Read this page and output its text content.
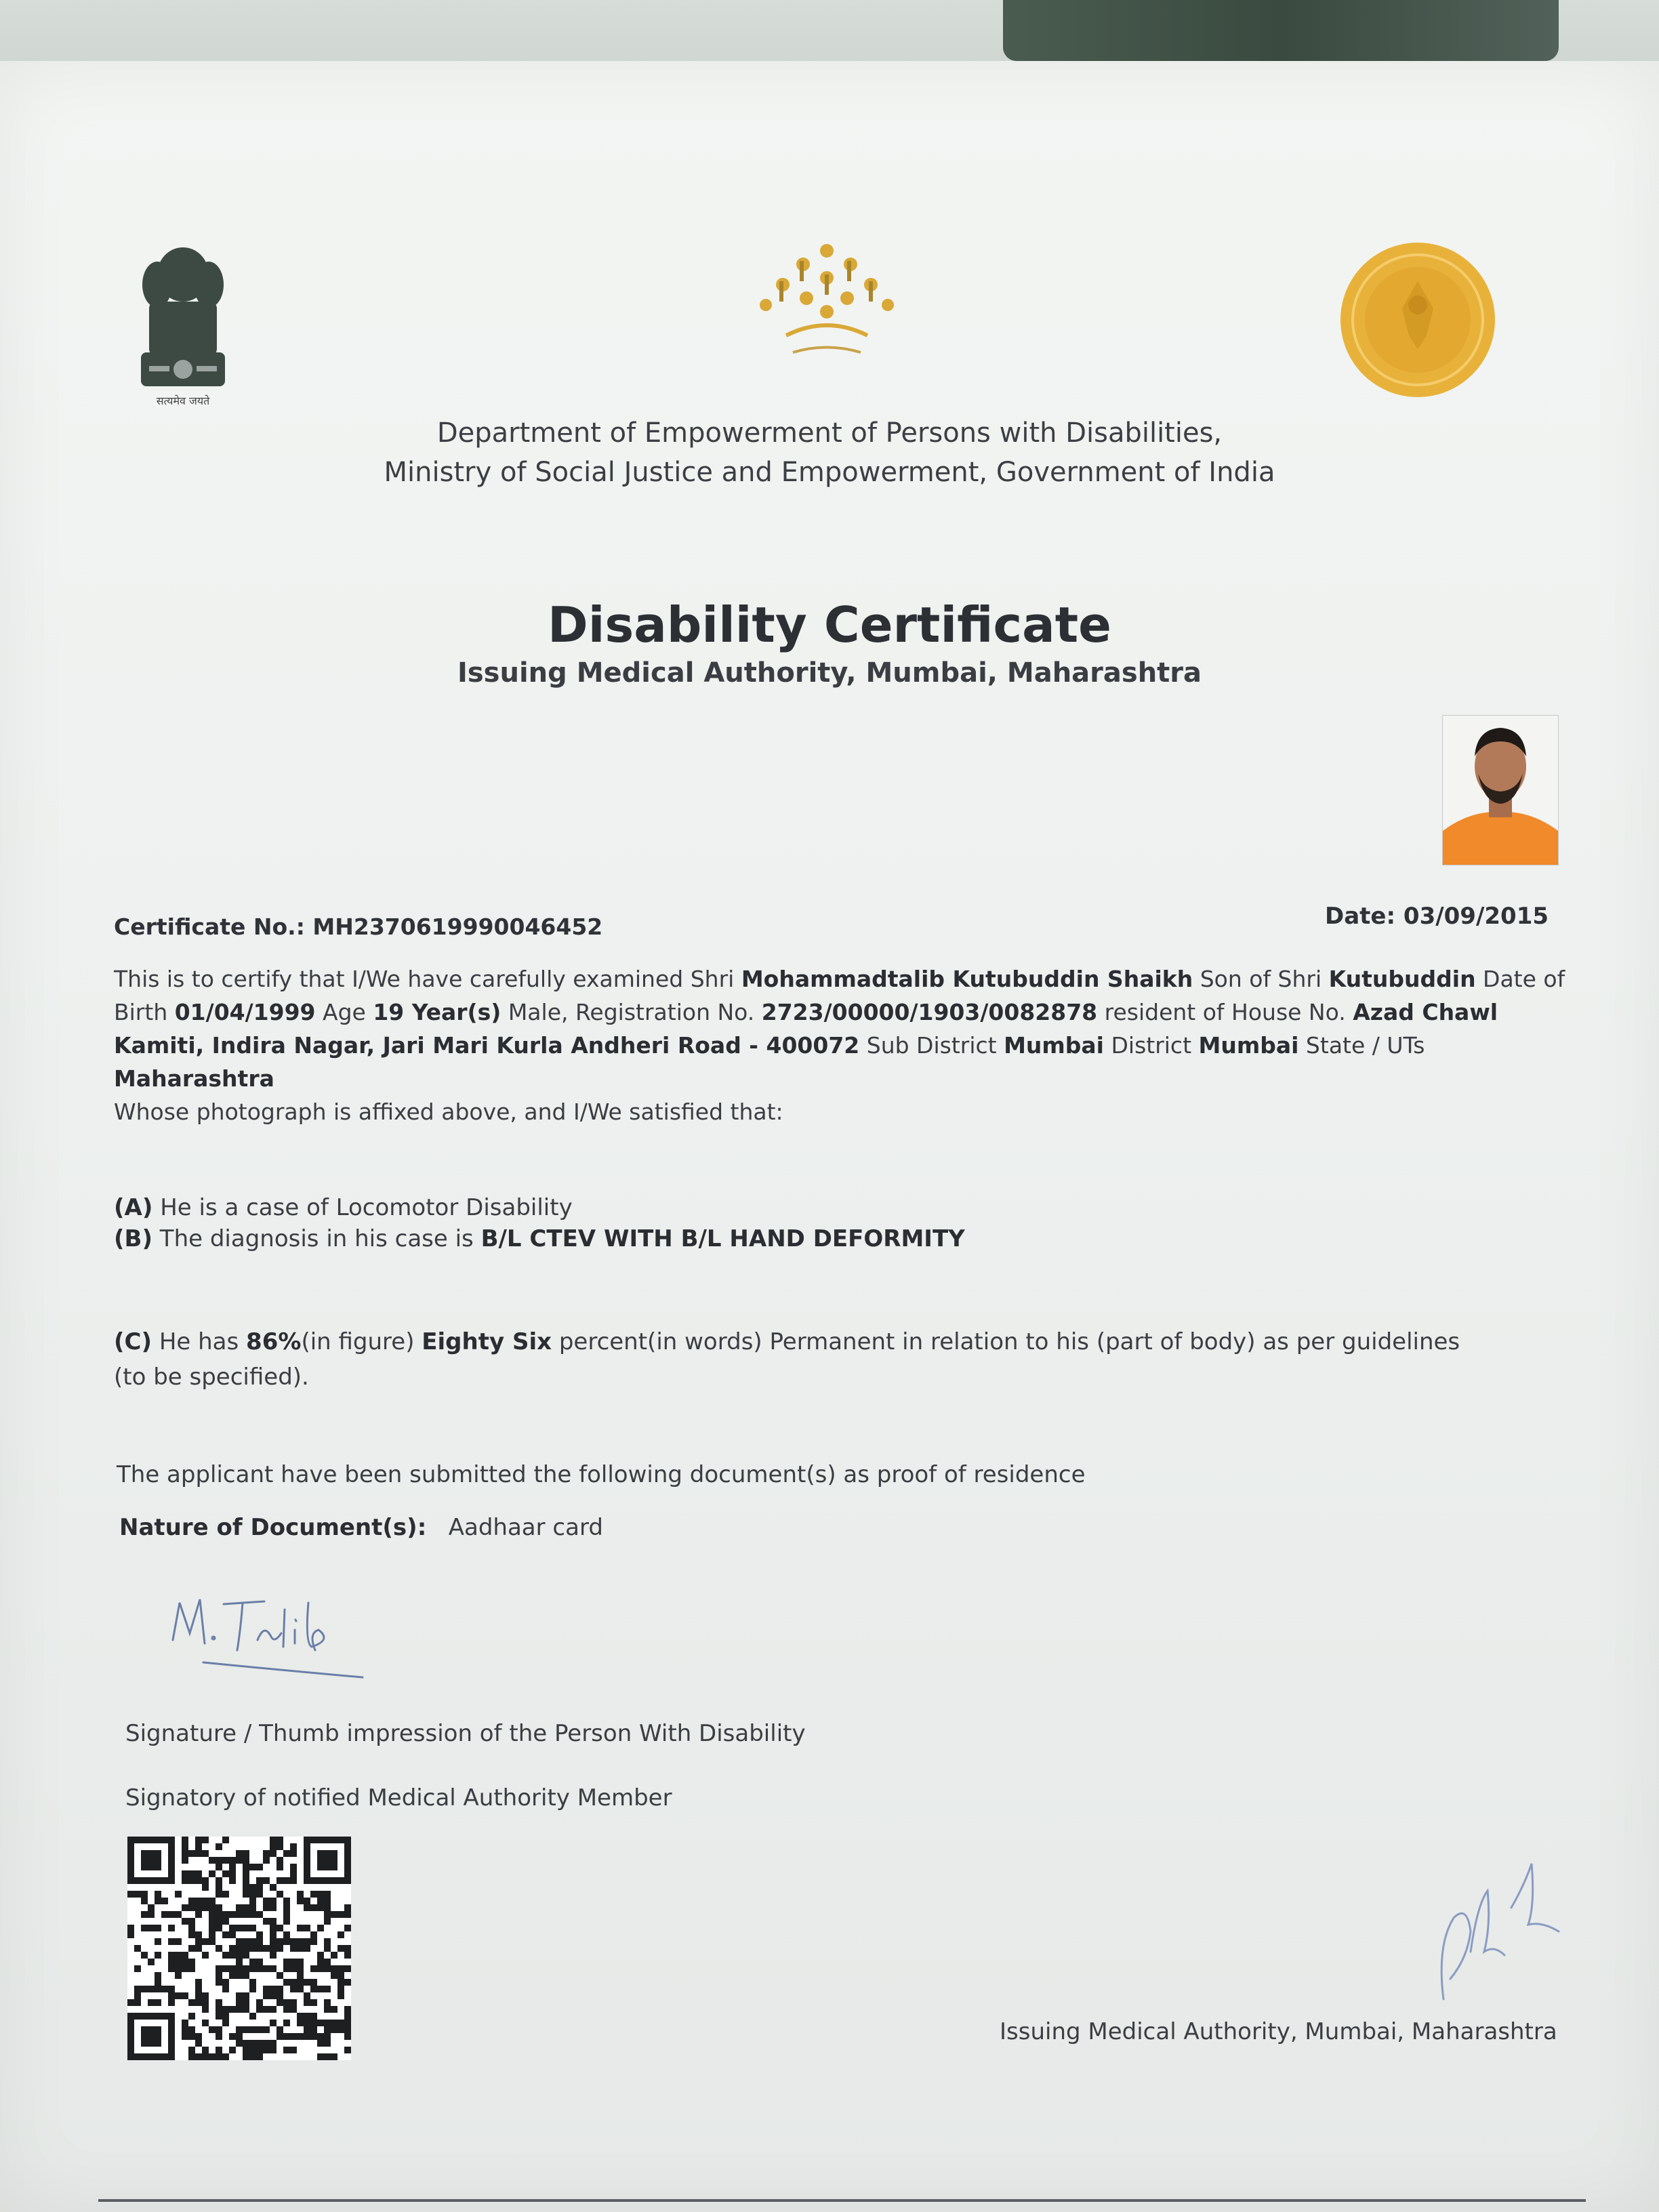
सत्यमेव जयते
Department of Empowerment of Persons with Disabilities,
Ministry of Social Justice and Empowerment, Government of India
Disability Certificate
Issuing Medical Authority, Mumbai, Maharashtra
Certificate No.: MH2370619990046452	Date: 03/09/2015
This is to certify that I/We have carefully examined Shri Mohammadtalib Kutubuddin Shaikh Son of Shri Kutubuddin Date of Birth 01/04/1999 Age 19 Year(s) Male, Registration No. 2723/00000/1903/0082878 resident of House No. Azad Chawl Kamiti, Indira Nagar, Jari Mari Kurla Andheri Road - 400072 Sub District Mumbai District Mumbai State / UTs Maharashtra
Whose photograph is affixed above, and I/We satisfied that:
(A) He is a case of Locomotor Disability
(B) The diagnosis in his case is B/L CTEV WITH B/L HAND DEFORMITY
(C) He has 86%(in figure) Eighty Six percent(in words) Permanent in relation to his (part of body) as per guidelines
(to be specified).
The applicant have been submitted the following document(s) as proof of residence
Nature of Document(s): Aadhaar card
Signature / Thumb impression of the Person With Disability
Signatory of notified Medical Authority Member
Issuing Medical Authority, Mumbai, Maharashtra
